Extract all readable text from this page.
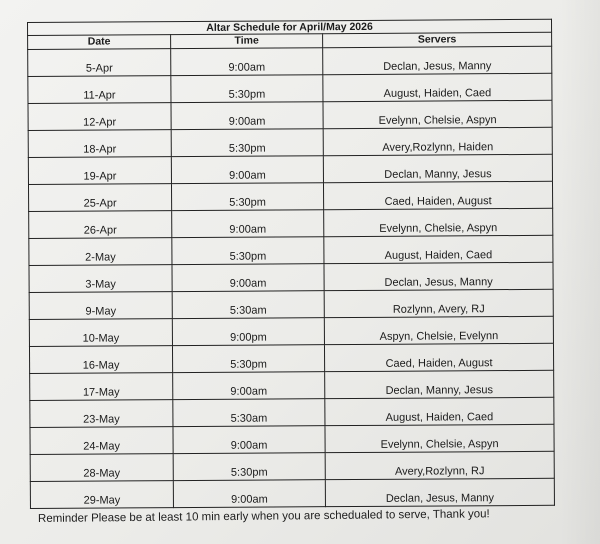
Altar Schedule for April/May 2026		
Date	Time	Servers
5-Apr	9:00am	Declan, Jesus, Manny
11-Apr	5:30pm	August, Haiden, Caed
12-Apr	9:00am	Evelynn, Chelsie, Aspyn
18-Apr	5:30pm	Avery,Rozlynn, Haiden
19-Apr	9:00am	Declan, Manny, Jesus
25-Apr	5:30pm	Caed, Haiden, August
26-Apr	9:00am	Evelynn, Chelsie, Aspyn
2-May	5:30pm	August, Haiden, Caed
3-May	9:00am	Declan, Jesus, Manny
9-May	5:30am	Rozlynn, Avery, RJ
10-May	9:00pm	Aspyn, Chelsie, Evelynn
16-May	5:30pm	Caed, Haiden, August
17-May	9:00am	Declan, Manny, Jesus
23-May	5:30am	August, Haiden, Caed
24-May	9:00am	Evelynn, Chelsie, Aspyn
28-May	5:30pm	Avery,Rozlynn, RJ
29-May	9:00am	Declan, Jesus, Manny
Reminder Please be at least 10 min early when you are schedualed to serve, Thank you!
